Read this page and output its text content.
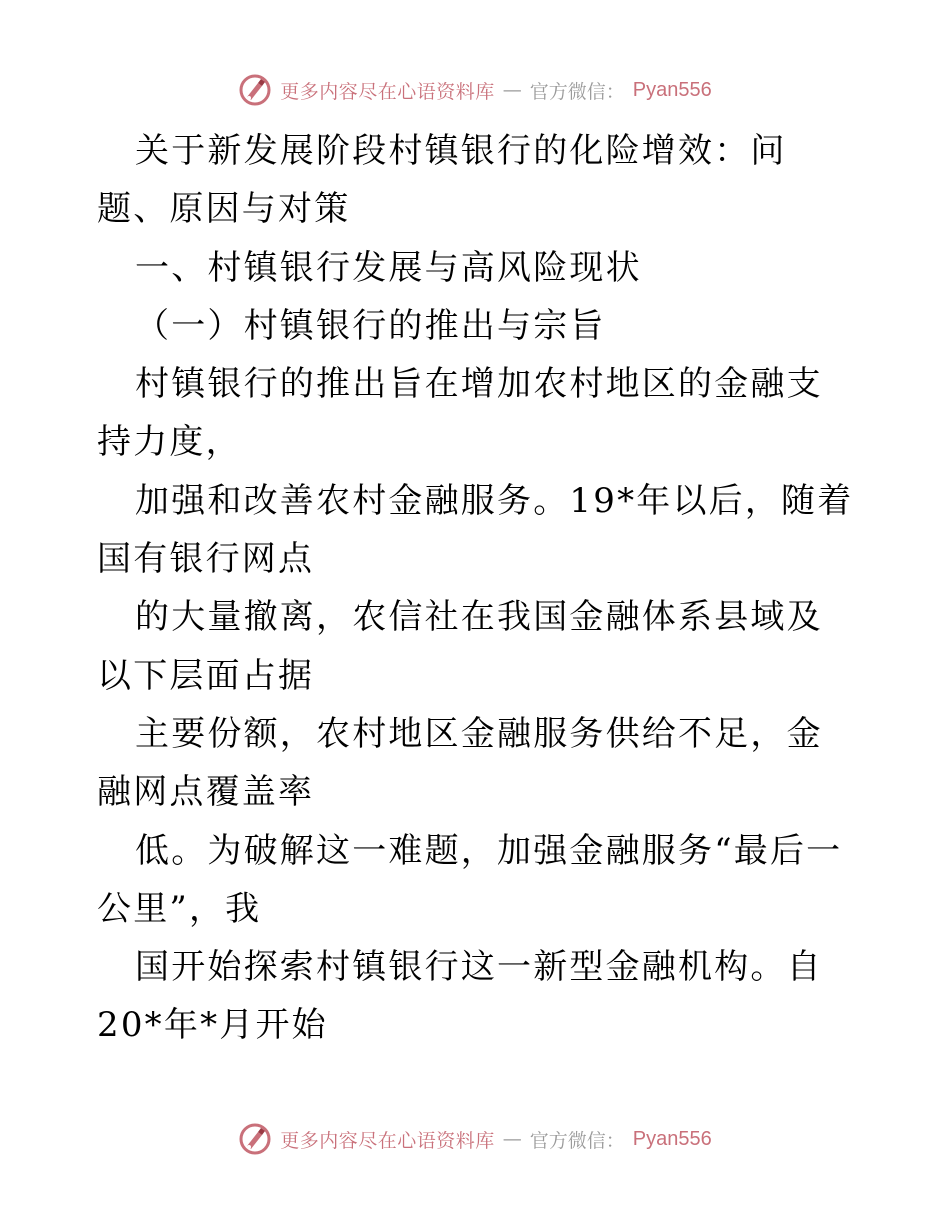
更多内容尽在心语资料库 — 官方微信： Pyan556

关于新发展阶段村镇银行的化险增效：问题、原因与对策

一、村镇银行发展与高风险现状

（一）村镇银行的推出与宗旨

村镇银行的推出旨在增加农村地区的金融支持力度，

加强和改善农村金融服务。19*年以后，随着国有银行网点

的大量撤离，农信社在我国金融体系县域及以下层面占据

主要份额，农村地区金融服务供给不足，金融网点覆盖率

低。为破解这一难题，加强金融服务“最后一公里”，我

国开始探索村镇银行这一新型金融机构。自 20*年*月开始

更多内容尽在心语资料库 — 官方微信： Pyan556
